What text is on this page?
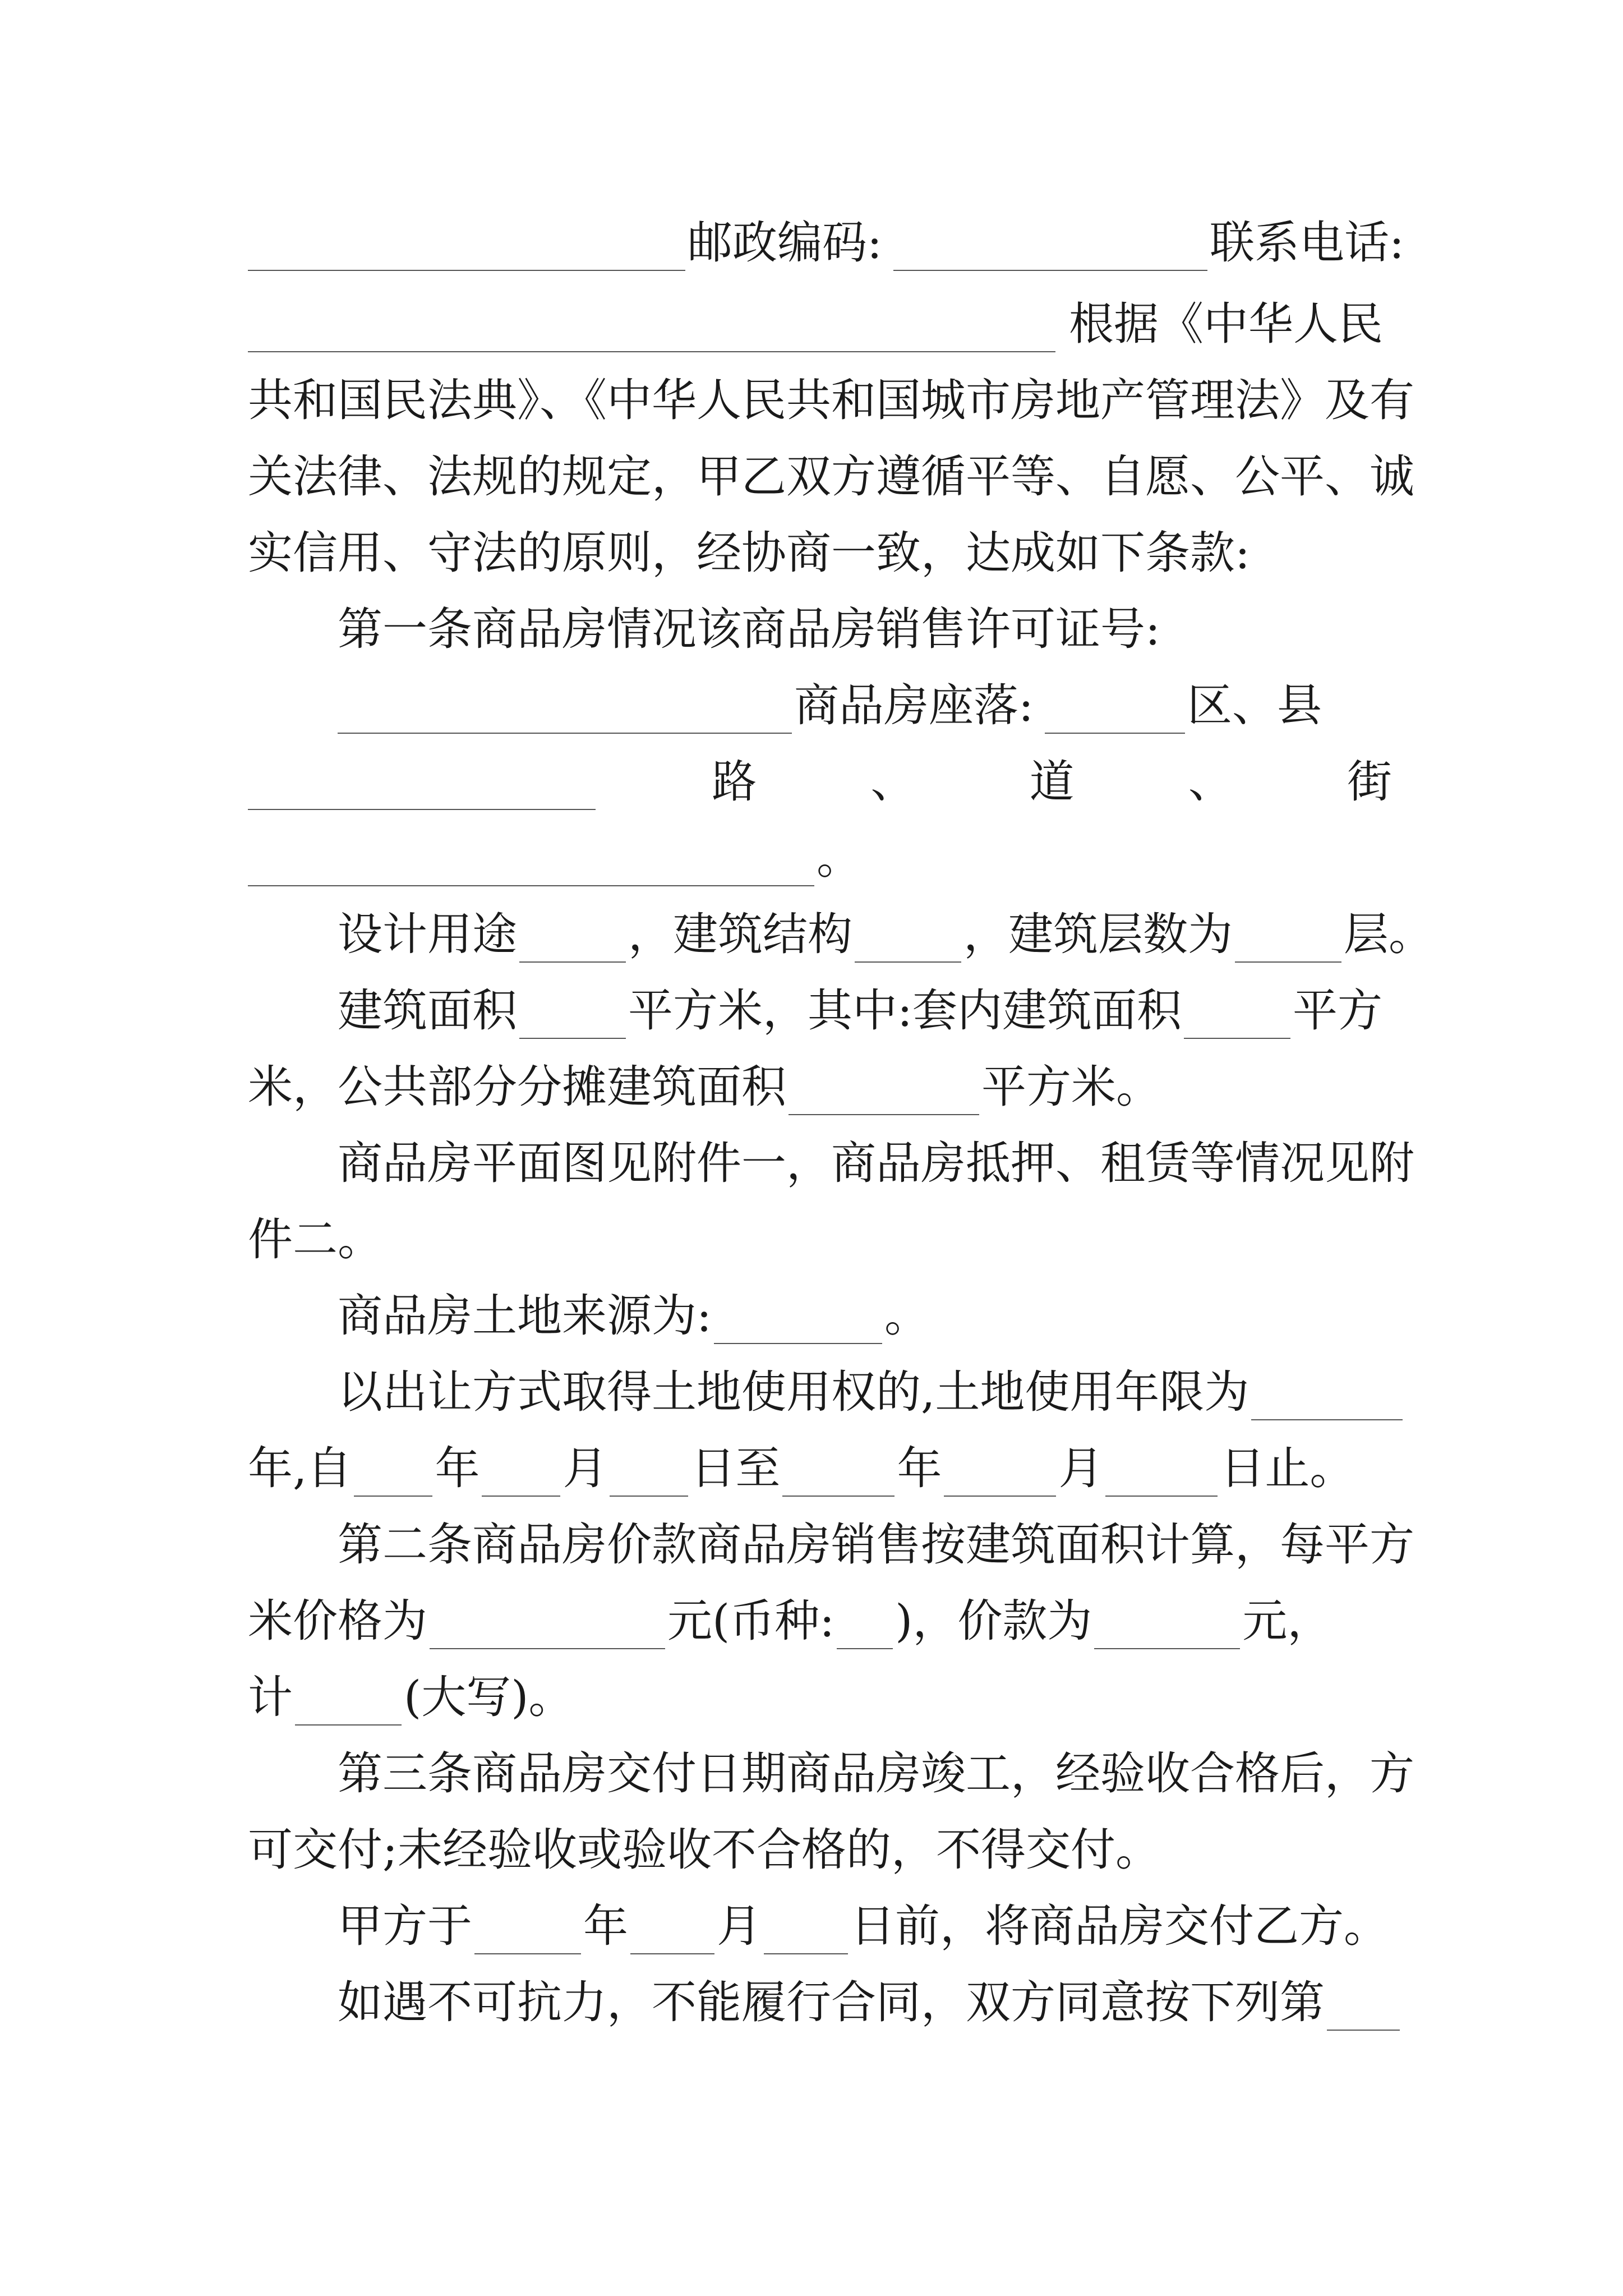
邮政编码:	联系电话:
根据《中华人民
共和国民法典》、《中华人民共和国城市房地产管理法》及有
关法律、法规的规定，甲乙双方遵循平等、自愿、公平、诚
实信用、守法的原则，经协商一致，达成如下条款:
第一条商品房情况该商品房销售许可证号:
商品房座落:	区、县
路	、	道	、	街
。
设计用途 ，建筑结构 ，建筑层数为 层。
建筑面积 平方米，其中:套内建筑面积 平方
米，公共部分分摊建筑面积	平方米。
商品房平面图见附件一，商品房抵押、租赁等情况见附
件二。
商品房土地来源为:	。
以出让方式取得土地使用权的,土地使用年限为
年,自 年 月 日至	年	月	日止。
第二条商品房价款商品房销售按建筑面积计算，每平方
米价格为	元(币种: )，价款为	元，
计 (大写)。
第三条商品房交付日期商品房竣工，经验收合格后，方
可交付;未经验收或验收不合格的，不得交付。
甲方于 年 月 日前，将商品房交付乙方。
如遇不可抗力，不能履行合同，双方同意按下列第
